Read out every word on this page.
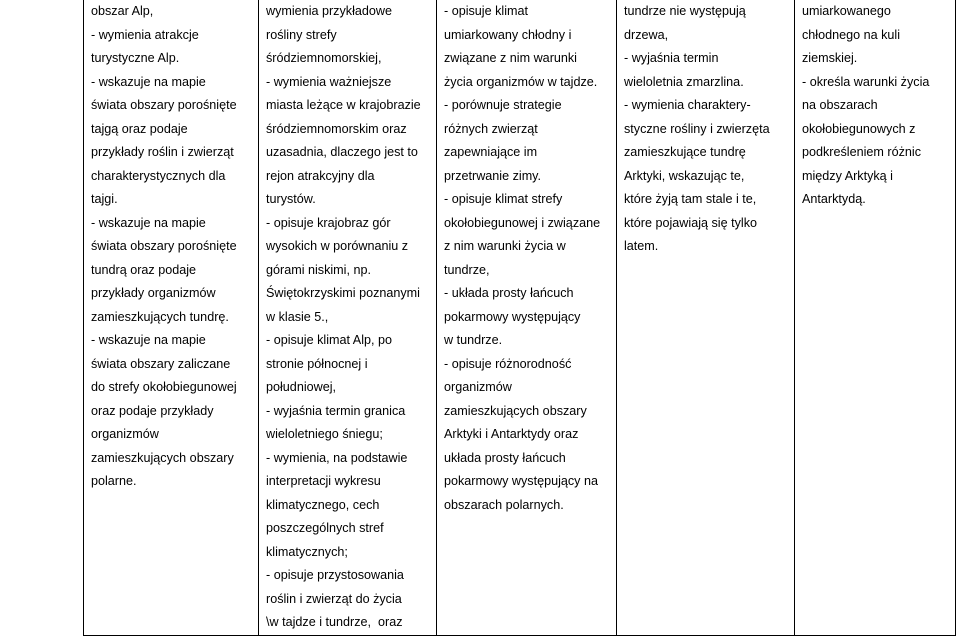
obszar Alp,
- wymienia atrakcje
turystyczne Alp.
- wskazuje na mapie
świata obszary porośnięte
tajgą oraz podaje
przykłady roślin i zwierząt
charakterystycznych dla
tajgi.
- wskazuje na mapie
świata obszary porośnięte
tundrą oraz podaje
przykłady organizmów
zamieszkujących tundrę.
- wskazuje na mapie
świata obszary zaliczane
do strefy okołobiegunowej
oraz podaje przykłady
organizmów
zamieszkujących obszary
polarne.

wymienia przykładowe
rośliny strefy
śródziemnomorskiej,
- wymienia ważniejsze
miasta leżące w krajobrazie
śródziemnomorskim oraz
uzasadnia, dlaczego jest to
rejon atrakcyjny dla
turystów.
- opisuje krajobraz gór
wysokich w porównaniu z
górami niskimi, np.
Świętokrzyskimi poznanymi
w klasie 5.,
- opisuje klimat Alp, po
stronie północnej i
południowej,
- wyjaśnia termin granica
wieloletniego śniegu;
- wymienia, na podstawie
interpretacji wykresu
klimatycznego, cech
poszczególnych stref
klimatycznych;
- opisuje przystosowania
roślin i zwierząt do życia
\w tajdze i tundrze,  oraz

- opisuje klimat
umiarkowany chłodny i
związane z nim warunki
życia organizmów w tajdze.
- porównuje strategie
różnych zwierząt
zapewniające im
przetrwanie zimy.
- opisuje klimat strefy
okołobiegunowej i związane
z nim warunki życia w
tundrze,
- układa prosty łańcuch
pokarmowy występujący
w tundrze.
- opisuje różnorodność
organizmów
zamieszkujących obszary
Arktyki i Antarktydy oraz
układa prosty łańcuch
pokarmowy występujący na
obszarach polarnych.

tundrze nie występują
drzewa,
- wyjaśnia termin
wieloletnia zmarzlina.
- wymienia charaktery-
styczne rośliny i zwierzęta
zamieszkujące tundrę
Arktyki, wskazując te,
które żyją tam stale i te,
które pojawiają się tylko
latem.

umiarkowanego
chłodnego na kuli
ziemskiej.
- określa warunki życia
na obszarach
okołobiegunowych z
podkreśleniem różnic
między Arktyką i
Antarktydą.
